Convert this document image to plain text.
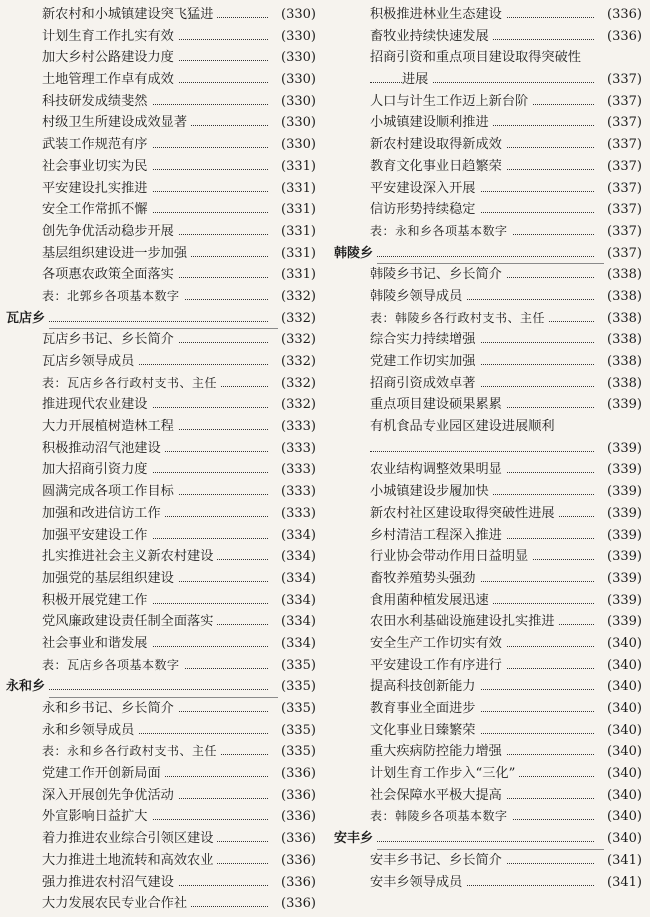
新农村和小城镇建设突飞猛进	(330)
计划生育工作扎实有效	(330)
加大乡村公路建设力度	(330)
土地管理工作卓有成效	(330)
科技研发成绩斐然	(330)
村级卫生所建设成效显著	(330)
武装工作规范有序	(330)
社会事业切实为民	(331)
平安建设扎实推进	(331)
安全工作常抓不懈	(331)
创先争优活动稳步开展	(331)
基层组织建设进一步加强	(331)
各项惠农政策全面落实	(331)
表：北郭乡各项基本数字	(332)
瓦店乡	(332)
瓦店乡书记、乡长简介	(332)
瓦店乡领导成员	(332)
表：瓦店乡各行政村支书、主任	(332)
推进现代农业建设	(332)
大力开展植树造林工程	(333)
积极推动沼气池建设	(333)
加大招商引资力度	(333)
圆满完成各项工作目标	(333)
加强和改进信访工作	(333)
加强平安建设工作	(334)
扎实推进社会主义新农村建设	(334)
加强党的基层组织建设	(334)
积极开展党建工作	(334)
党风廉政建设责任制全面落实	(334)
社会事业和谐发展	(334)
表：瓦店乡各项基本数字	(335)
永和乡	(335)
永和乡书记、乡长简介	(335)
永和乡领导成员	(335)
表：永和乡各行政村支书、主任	(335)
党建工作开创新局面	(336)
深入开展创先争优活动	(336)
外宣影响日益扩大	(336)
着力推进农业综合引领区建设	(336)
大力推进土地流转和高效农业	(336)
强力推进农村沼气建设	(336)
大力发展农民专业合作社	(336)
积极推进林业生态建设	(336)
畜牧业持续快速发展	(336)
招商引资和重点项目建设取得突破性
进展	(337)
人口与计生工作迈上新台阶	(337)
小城镇建设顺利推进	(337)
新农村建设取得新成效	(337)
教育文化事业日趋繁荣	(337)
平安建设深入开展	(337)
信访形势持续稳定	(337)
表：永和乡各项基本数字	(337)
韩陵乡	(337)
韩陵乡书记、乡长简介	(338)
韩陵乡领导成员	(338)
表：韩陵乡各行政村支书、主任	(338)
综合实力持续增强	(338)
党建工作切实加强	(338)
招商引资成效卓著	(338)
重点项目建设硕果累累	(339)
有机食品专业园区建设进展顺利
(339)
农业结构调整效果明显	(339)
小城镇建设步履加快	(339)
新农村社区建设取得突破性进展	(339)
乡村清洁工程深入推进	(339)
行业协会带动作用日益明显	(339)
畜牧养殖势头强劲	(339)
食用菌种植发展迅速	(339)
农田水利基础设施建设扎实推进	(339)
安全生产工作切实有效	(340)
平安建设工作有序进行	(340)
提高科技创新能力	(340)
教育事业全面进步	(340)
文化事业日臻繁荣	(340)
重大疾病防控能力增强	(340)
计划生育工作步入“三化”	(340)
社会保障水平极大提高	(340)
表：韩陵乡各项基本数字	(340)
安丰乡	(340)
安丰乡书记、乡长简介	(341)
安丰乡领导成员	(341)
